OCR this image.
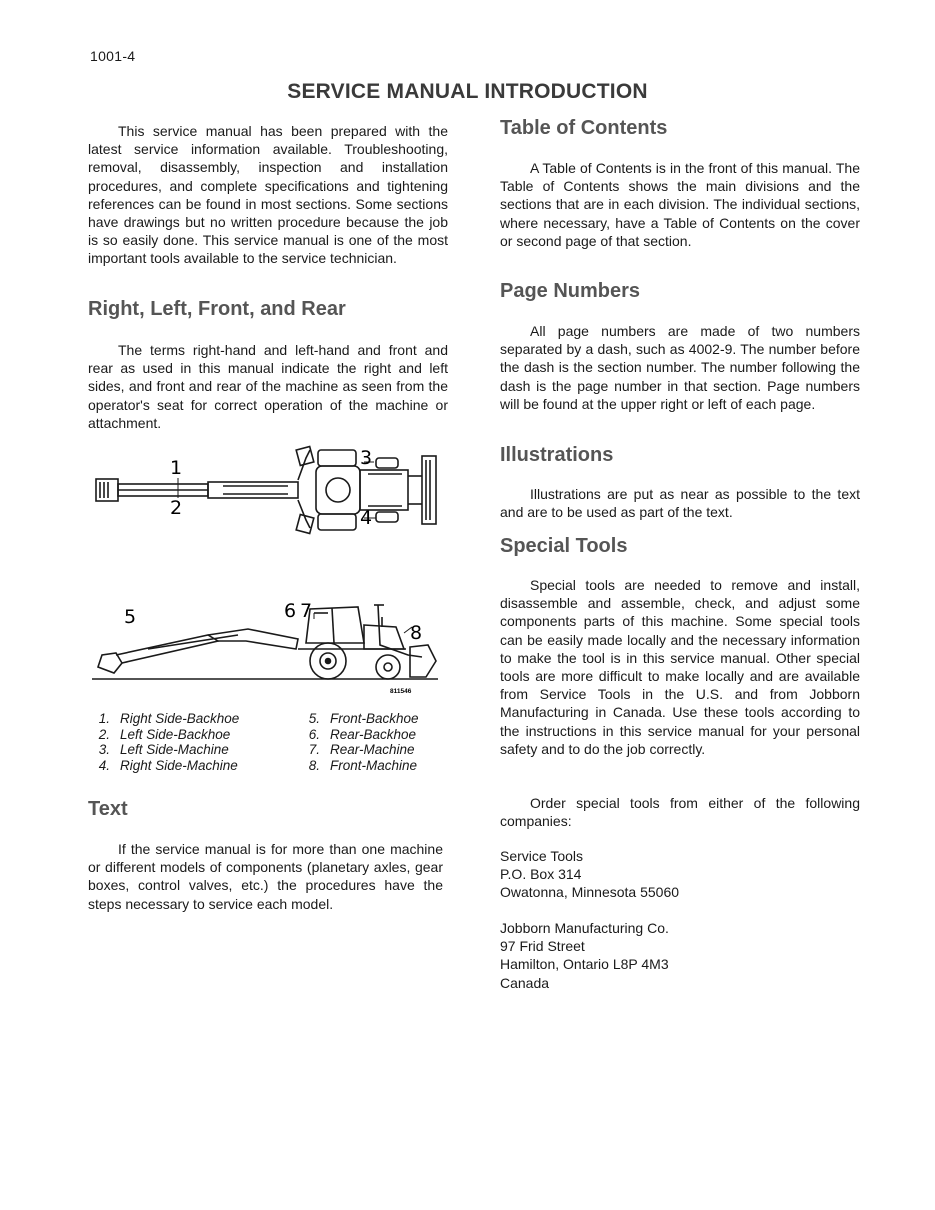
1001-4
SERVICE MANUAL INTRODUCTION

This service manual has been prepared with the latest service information available. Troubleshooting, removal, disassembly, inspection and installation procedures, and complete specifications and tightening references can be found in most sections. Some sections have drawings but no written procedure because the job is so easily done. This service manual is one of the most important tools available to the service technician.

Right, Left, Front, and Rear

The terms right-hand and left-hand and front and rear as used in this manual indicate the right and left sides, and front and rear of the machine as seen from the operator's seat for correct operation of the machine or attachment.

1
2
3
4
5	6 7
8
811546
1. Right Side-Backhoe
2. Left Side-Backhoe
3. Left Side-Machine
4. Right Side-Machine
5. Front-Backhoe
6. Rear-Backhoe
7. Rear-Machine
8. Front-Machine
Text

If the service manual is for more than one machine or different models of components (planetary axles, gear boxes, control valves, etc.) the procedures have the steps necessary to service each model.

Table of Contents

A Table of Contents is in the front of this manual. The Table of Contents shows the main divisions and the sections that are in each division. The individual sections, where necessary, have a Table of Contents on the cover or second page of that section.

Page Numbers

All page numbers are made of two numbers separated by a dash, such as 4002-9. The number before the dash is the section number. The number following the dash is the page number in that section. Page numbers will be found at the upper right or left of each page.

Illustrations

Illustrations are put as near as possible to the text and are to be used as part of the text.

Special Tools

Special tools are needed to remove and install, disassemble and assemble, check, and adjust some components parts of this machine. Some special tools can be easily made locally and the necessary information to make the tool is in this service manual. Other special tools are more difficult to make locally and are available from Service Tools in the U.S. and from Jobborn Manufacturing in Canada. Use these tools according to the instructions in this service manual for your personal safety and to do the job correctly.

Order special tools from either of the following companies:

Service Tools

P.O. Box 314

Owatonna, Minnesota 55060

Jobborn Manufacturing Co.

97 Frid Street

Hamilton, Ontario L8P 4M3

Canada
